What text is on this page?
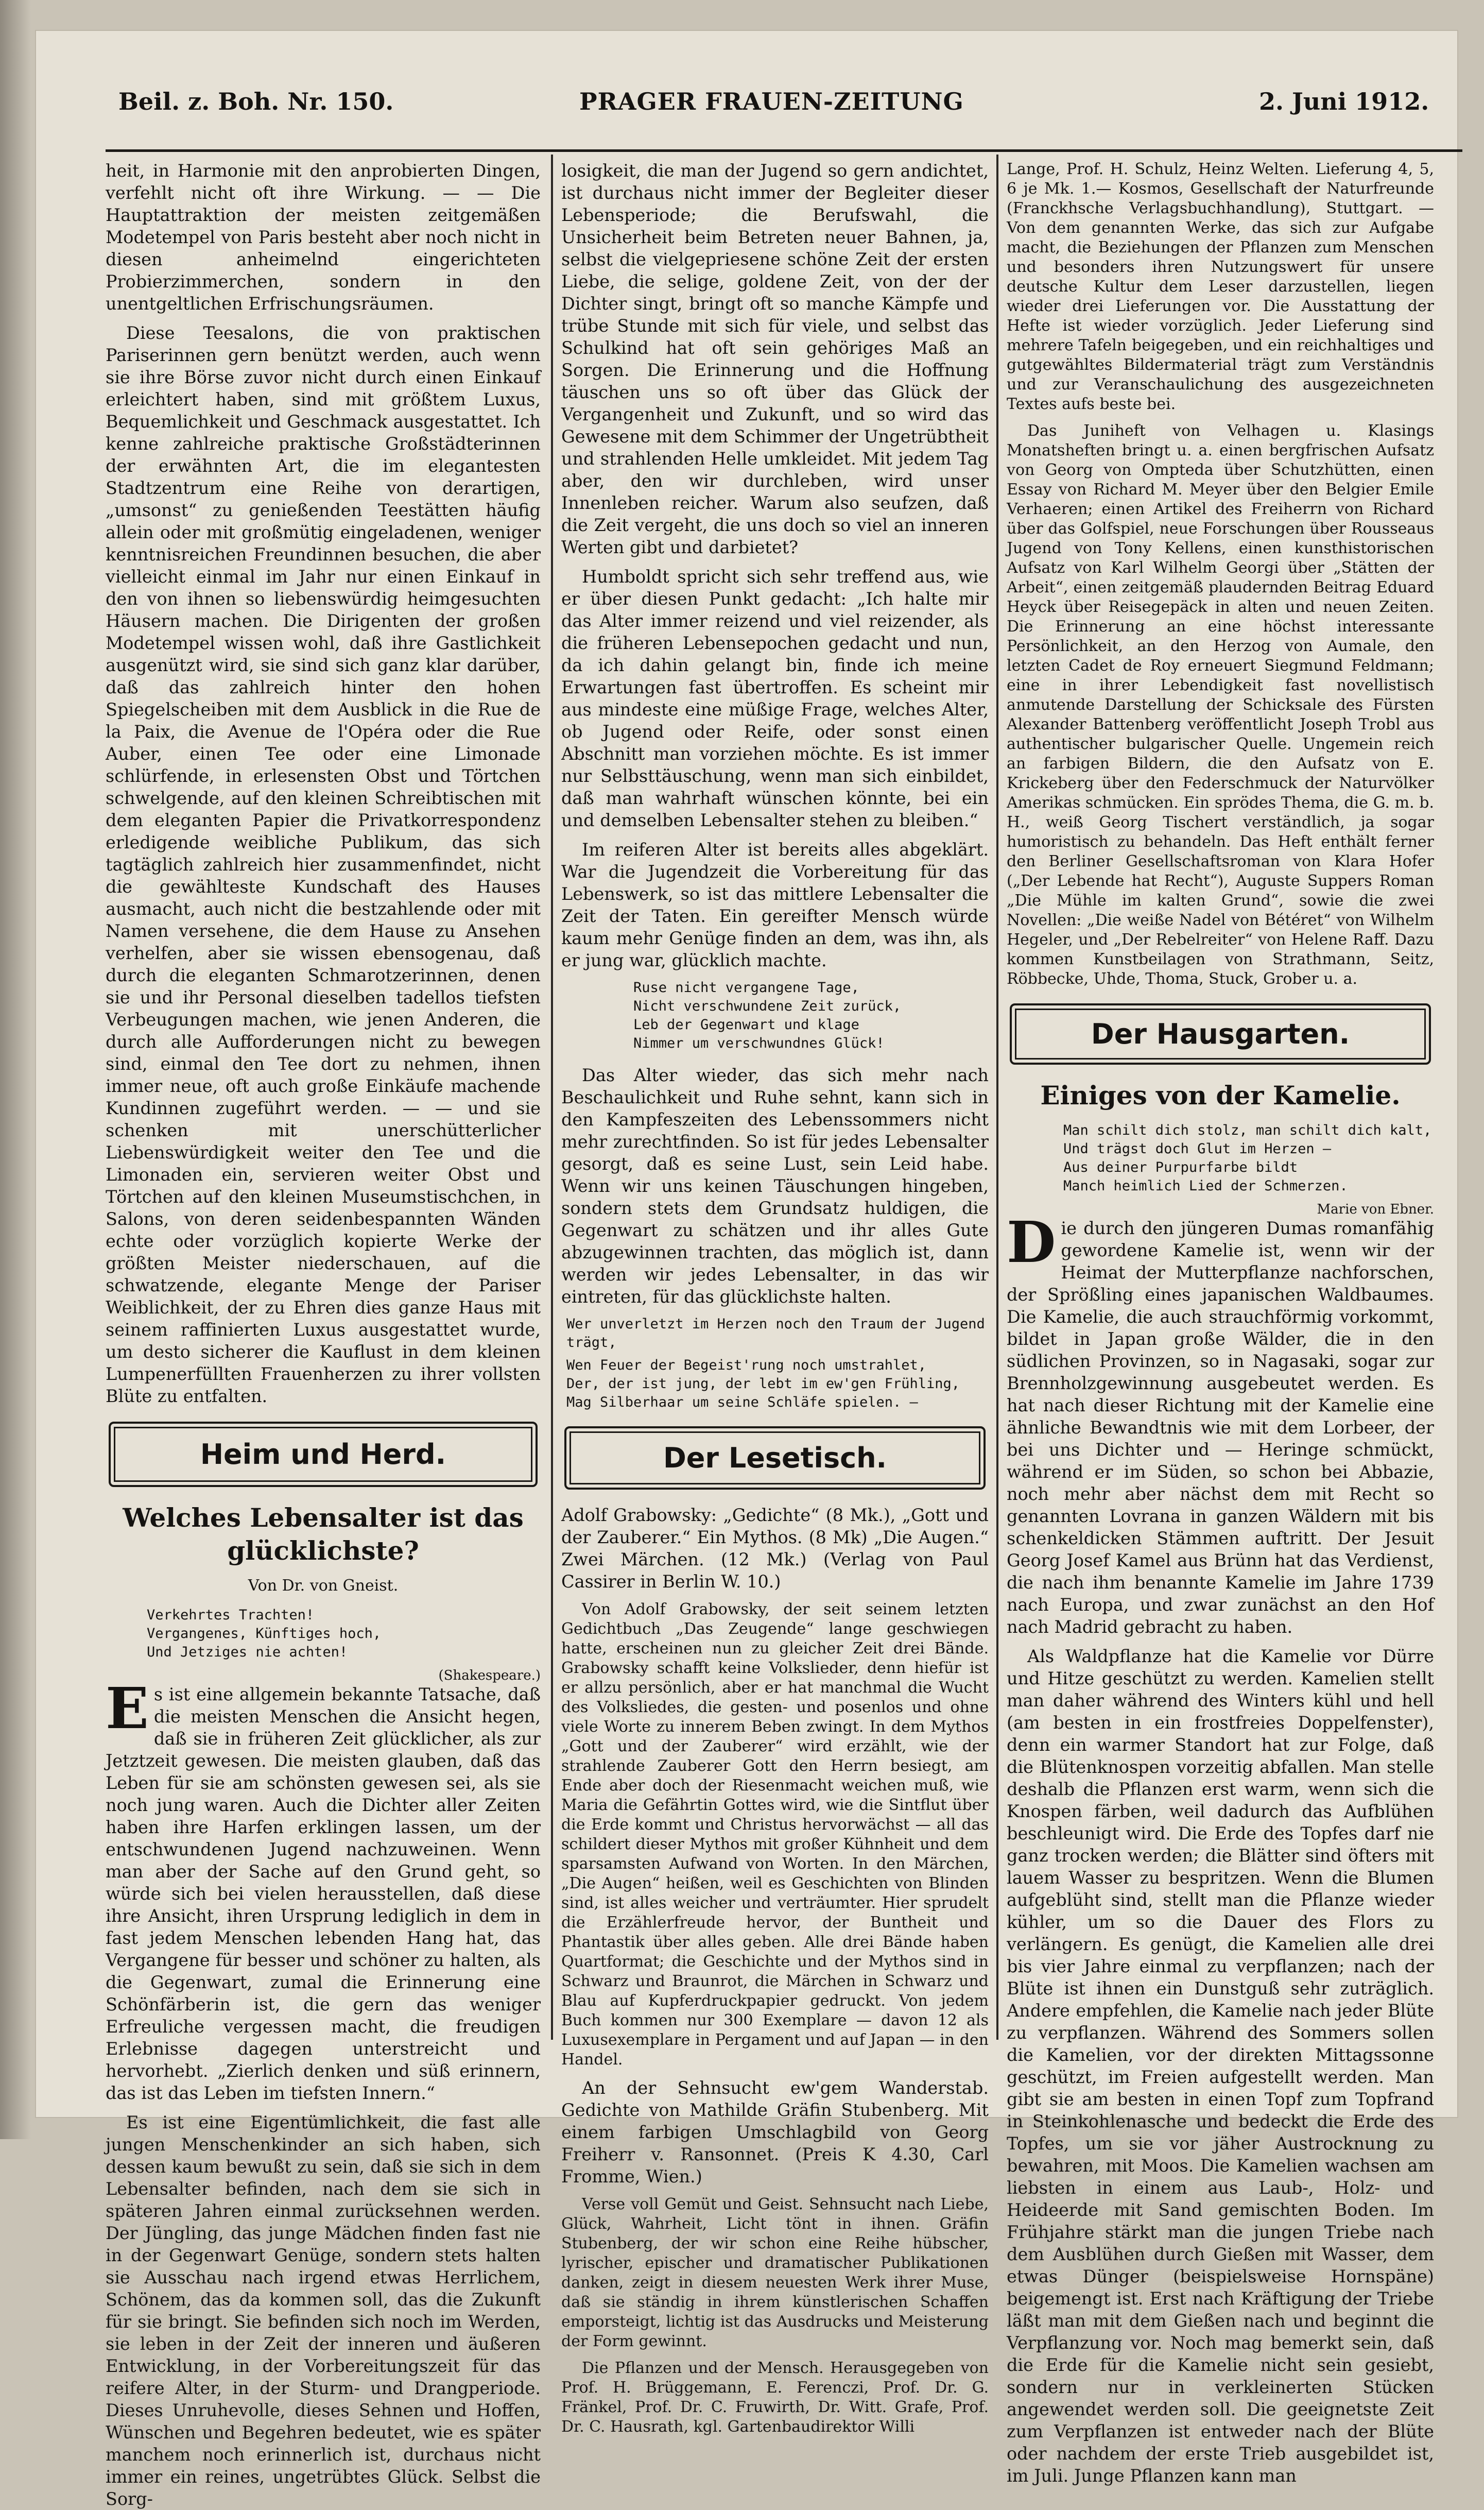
Beil. z. Boh. Nr. 150.	PRAGER FRAUEN-ZEITUNG	2. Juni 1912.

heit, in Harmonie mit den anprobierten Dingen, verfehlt nicht oft ihre Wirkung. — — Die Hauptattraktion der meisten zeitgemäßen Modetempel von Paris besteht aber noch nicht in diesen anheimelnd eingerichteten Probierzimmerchen, sondern in den unentgeltlichen Erfrischungsräumen.

Diese Teesalons, die von praktischen Pariserinnen gern benützt werden, auch wenn sie ihre Börse zuvor nicht durch einen Einkauf erleichtert haben, sind mit größtem Luxus, Bequemlichkeit und Geschmack ausgestattet. Ich kenne zahlreiche praktische Großstädterinnen der erwähnten Art, die im elegantesten Stadtzentrum eine Reihe von derartigen, „umsonst“ zu genießenden Teestätten häufig allein oder mit großmütig eingeladenen, weniger kenntnisreichen Freundinnen besuchen, die aber vielleicht einmal im Jahr nur einen Einkauf in den von ihnen so liebenswürdig heimgesuchten Häusern machen. Die Dirigenten der großen Modetempel wissen wohl, daß ihre Gastlichkeit ausgenützt wird, sie sind sich ganz klar darüber, daß das zahlreich hinter den hohen Spiegelscheiben mit dem Ausblick in die Rue de la Paix, die Avenue de l'Opéra oder die Rue Auber, einen Tee oder eine Limonade schlürfende, in erlesensten Obst und Törtchen schwelgende, auf den kleinen Schreibtischen mit dem eleganten Papier die Privatkorrespondenz erledigende weibliche Publikum, das sich tagtäglich zahlreich hier zusammenfindet, nicht die gewählteste Kundschaft des Hauses ausmacht, auch nicht die bestzahlende oder mit Namen versehene, die dem Hause zu Ansehen verhelfen, aber sie wissen ebensogenau, daß durch die eleganten Schmarotzerinnen, denen sie und ihr Personal dieselben tadellos tiefsten Verbeugungen machen, wie jenen Anderen, die durch alle Aufforderungen nicht zu bewegen sind, einmal den Tee dort zu nehmen, ihnen immer neue, oft auch große Einkäufe machende Kundinnen zugeführt werden. — — und sie schenken mit unerschütterlicher Liebenswürdigkeit weiter den Tee und die Limonaden ein, servieren weiter Obst und Törtchen auf den kleinen Museumstischchen, in Salons, von deren seidenbespannten Wänden echte oder vorzüglich kopierte Werke der größten Meister niederschauen, auf die schwatzende, elegante Menge der Pariser Weiblichkeit, der zu Ehren dies ganze Haus mit seinem raffinierten Luxus ausgestattet wurde, um desto sicherer die Kauflust in dem kleinen Lumpenerfüllten Frauenherzen zu ihrer vollsten Blüte zu entfalten.

Heim und Herd.
Welches Lebensalter ist das glücklichste?
Von Dr. von Gneist.
Verkehrtes Trachten!
Vergangenes, Künftiges hoch,
Und Jetziges nie achten!
(Shakespeare.)

Es ist eine allgemein bekannte Tatsache, daß die meisten Menschen die Ansicht hegen, daß sie in früheren Zeit glücklicher, als zur Jetztzeit gewesen. Die meisten glauben, daß das Leben für sie am schönsten gewesen sei, als sie noch jung waren. Auch die Dichter aller Zeiten haben ihre Harfen erklingen lassen, um der entschwundenen Jugend nachzuweinen. Wenn man aber der Sache auf den Grund geht, so würde sich bei vielen herausstellen, daß diese ihre Ansicht, ihren Ursprung lediglich in dem in fast jedem Menschen lebenden Hang hat, das Vergangene für besser und schöner zu halten, als die Gegenwart, zumal die Erinnerung eine Schönfärberin ist, die gern das weniger Erfreuliche vergessen macht, die freudigen Erlebnisse dagegen unterstreicht und hervorhebt. „Zierlich denken und süß erinnern, das ist das Leben im tiefsten Innern.“

Es ist eine Eigentümlichkeit, die fast alle jungen Menschenkinder an sich haben, sich dessen kaum bewußt zu sein, daß sie sich in dem Lebensalter befinden, nach dem sie sich in späteren Jahren einmal zurücksehnen werden. Der Jüngling, das junge Mädchen finden fast nie in der Gegenwart Genüge, sondern stets halten sie Ausschau nach irgend etwas Herrlichem, Schönem, das da kommen soll, das die Zukunft für sie bringt. Sie befinden sich noch im Werden, sie leben in der Zeit der inneren und äußeren Entwicklung, in der Vorbereitungszeit für das reifere Alter, in der Sturm- und Drangperiode. Dieses Unruhevolle, dieses Sehnen und Hoffen, Wünschen und Begehren bedeutet, wie es später manchem noch erinnerlich ist, durchaus nicht immer ein reines, ungetrübtes Glück. Selbst die Sorg-

losigkeit, die man der Jugend so gern andichtet, ist durchaus nicht immer der Begleiter dieser Lebensperiode; die Berufswahl, die Unsicherheit beim Betreten neuer Bahnen, ja, selbst die vielgepriesene schöne Zeit der ersten Liebe, die selige, goldene Zeit, von der der Dichter singt, bringt oft so manche Kämpfe und trübe Stunde mit sich für viele, und selbst das Schulkind hat oft sein gehöriges Maß an Sorgen. Die Erinnerung und die Hoffnung täuschen uns so oft über das Glück der Vergangenheit und Zukunft, und so wird das Gewesene mit dem Schimmer der Ungetrübtheit und strahlenden Helle umkleidet. Mit jedem Tag aber, den wir durchleben, wird unser Innenleben reicher. Warum also seufzen, daß die Zeit vergeht, die uns doch so viel an inneren Werten gibt und darbietet?

Humboldt spricht sich sehr treffend aus, wie er über diesen Punkt gedacht: „Ich halte mir das Alter immer reizend und viel reizender, als die früheren Lebensepochen gedacht und nun, da ich dahin gelangt bin, finde ich meine Erwartungen fast übertroffen. Es scheint mir aus mindeste eine müßige Frage, welches Alter, ob Jugend oder Reife, oder sonst einen Abschnitt man vorziehen möchte. Es ist immer nur Selbsttäuschung, wenn man sich einbildet, daß man wahrhaft wünschen könnte, bei ein und demselben Lebensalter stehen zu bleiben.“

Im reiferen Alter ist bereits alles abgeklärt. War die Jugendzeit die Vorbereitung für das Lebenswerk, so ist das mittlere Lebensalter die Zeit der Taten. Ein gereifter Mensch würde kaum mehr Genüge finden an dem, was ihn, als er jung war, glücklich machte.

Ruse nicht vergangene Tage,
Nicht verschwundene Zeit zurück,
Leb der Gegenwart und klage
Nimmer um verschwundnes Glück!

Das Alter wieder, das sich mehr nach Beschaulichkeit und Ruhe sehnt, kann sich in den Kampfeszeiten des Lebenssommers nicht mehr zurechtfinden. So ist für jedes Lebensalter gesorgt, daß es seine Lust, sein Leid habe. Wenn wir uns keinen Täuschungen hingeben, sondern stets dem Grundsatz huldigen, die Gegenwart zu schätzen und ihr alles Gute abzugewinnen trachten, das möglich ist, dann werden wir jedes Lebensalter, in das wir eintreten, für das glücklichste halten.

Wer unverletzt im Herzen noch den Traum der Jugend trägt,
Wen Feuer der Begeist'rung noch umstrahlet,
Der, der ist jung, der lebt im ew'gen Frühling,
Mag Silberhaar um seine Schläfe spielen. —
Der Lesetisch.

Adolf Grabowsky: „Gedichte“ (8 Mk.), „Gott und der Zauberer.“ Ein Mythos. (8 Mk) „Die Augen.“ Zwei Märchen. (12 Mk.) (Verlag von Paul Cassirer in Berlin W. 10.)

Von Adolf Grabowsky, der seit seinem letzten Gedichtbuch „Das Zeugende“ lange geschwiegen hatte, erscheinen nun zu gleicher Zeit drei Bände. Grabowsky schafft keine Volkslieder, denn hiefür ist er allzu persönlich, aber er hat manchmal die Wucht des Volksliedes, die gesten- und posenlos und ohne viele Worte zu innerem Beben zwingt. In dem Mythos „Gott und der Zauberer“ wird erzählt, wie der strahlende Zauberer Gott den Herrn besiegt, am Ende aber doch der Riesenmacht weichen muß, wie Maria die Gefährtin Gottes wird, wie die Sintflut über die Erde kommt und Christus hervorwächst — all das schildert dieser Mythos mit großer Kühnheit und dem sparsamsten Aufwand von Worten. In den Märchen, „Die Augen“ heißen, weil es Geschichten von Blinden sind, ist alles weicher und verträumter. Hier sprudelt die Erzählerfreude hervor, der Buntheit und Phantastik über alles geben. Alle drei Bände haben Quartformat; die Geschichte und der Mythos sind in Schwarz und Braunrot, die Märchen in Schwarz und Blau auf Kupferdruckpapier gedruckt. Von jedem Buch kommen nur 300 Exemplare — davon 12 als Luxusexemplare in Pergament und auf Japan — in den Handel.

An der Sehnsucht ew'gem Wanderstab. Gedichte von Mathilde Gräfin Stubenberg. Mit einem farbigen Umschlagbild von Georg Freiherr v. Ransonnet. (Preis K 4.30, Carl Fromme, Wien.)

Verse voll Gemüt und Geist. Sehnsucht nach Liebe, Glück, Wahrheit, Licht tönt in ihnen. Gräfin Stubenberg, der wir schon eine Reihe hübscher, lyrischer, epischer und dramatischer Publikationen danken, zeigt in diesem neuesten Werk ihrer Muse, daß sie ständig in ihrem künstlerischen Schaffen emporsteigt, lichtig ist das Ausdrucks und Meisterung der Form gewinnt.

Die Pflanzen und der Mensch. Herausgegeben von Prof. H. Brüggemann, E. Ferenczi, Prof. Dr. G. Fränkel, Prof. Dr. C. Fruwirth, Dr. Witt. Grafe, Prof. Dr. C. Hausrath, kgl. Gartenbaudirektor Willi

Lange, Prof. H. Schulz, Heinz Welten. Lieferung 4, 5, 6 je Mk. 1.— Kosmos, Gesellschaft der Naturfreunde (Franckhsche Verlagsbuchhandlung), Stuttgart. — Von dem genannten Werke, das sich zur Aufgabe macht, die Beziehungen der Pflanzen zum Menschen und besonders ihren Nutzungswert für unsere deutsche Kultur dem Leser darzustellen, liegen wieder drei Lieferungen vor. Die Ausstattung der Hefte ist wieder vorzüglich. Jeder Lieferung sind mehrere Tafeln beigegeben, und ein reichhaltiges und gutgewähltes Bildermaterial trägt zum Verständnis und zur Veranschaulichung des ausgezeichneten Textes aufs beste bei.

Das Juniheft von Velhagen u. Klasings Monatsheften bringt u. a. einen bergfrischen Aufsatz von Georg von Ompteda über Schutzhütten, einen Essay von Richard M. Meyer über den Belgier Emile Verhaeren; einen Artikel des Freiherrn von Richard über das Golfspiel, neue Forschungen über Rousseaus Jugend von Tony Kellens, einen kunsthistorischen Aufsatz von Karl Wilhelm Georgi über „Stätten der Arbeit“, einen zeitgemäß plaudernden Beitrag Eduard Heyck über Reisegepäck in alten und neuen Zeiten. Die Erinnerung an eine höchst interessante Persönlichkeit, an den Herzog von Aumale, den letzten Cadet de Roy erneuert Siegmund Feldmann; eine in ihrer Lebendigkeit fast novellistisch anmutende Darstellung der Schicksale des Fürsten Alexander Battenberg veröffentlicht Joseph Trobl aus authentischer bulgarischer Quelle. Ungemein reich an farbigen Bildern, die den Aufsatz von E. Krickeberg über den Federschmuck der Naturvölker Amerikas schmücken. Ein sprödes Thema, die G. m. b. H., weiß Georg Tischert verständlich, ja sogar humoristisch zu behandeln. Das Heft enthält ferner den Berliner Gesellschaftsroman von Klara Hofer („Der Lebende hat Recht“), Auguste Suppers Roman „Die Mühle im kalten Grund“, sowie die zwei Novellen: „Die weiße Nadel von Bétéret“ von Wilhelm Hegeler, und „Der Rebelreiter“ von Helene Raff. Dazu kommen Kunstbeilagen von Strathmann, Seitz, Röbbecke, Uhde, Thoma, Stuck, Grober u. a.

Der Hausgarten.
Einiges von der Kamelie.
Man schilt dich stolz, man schilt dich kalt,
Und trägst doch Glut im Herzen —
Aus deiner Purpurfarbe bildt
Manch heimlich Lied der Schmerzen.
Marie von Ebner.

Die durch den jüngeren Dumas romanfähig gewordene Kamelie ist, wenn wir der Heimat der Mutterpflanze nachforschen, der Sprößling eines japanischen Waldbaumes. Die Kamelie, die auch strauchförmig vorkommt, bildet in Japan große Wälder, die in den südlichen Provinzen, so in Nagasaki, sogar zur Brennholzgewinnung ausgebeutet werden. Es hat nach dieser Richtung mit der Kamelie eine ähnliche Bewandtnis wie mit dem Lorbeer, der bei uns Dichter und — Heringe schmückt, während er im Süden, so schon bei Abbazie, noch mehr aber nächst dem mit Recht so genannten Lovrana in ganzen Wäldern mit bis schenkeldicken Stämmen auftritt. Der Jesuit Georg Josef Kamel aus Brünn hat das Verdienst, die nach ihm benannte Kamelie im Jahre 1739 nach Europa, und zwar zunächst an den Hof nach Madrid gebracht zu haben.

Als Waldpflanze hat die Kamelie vor Dürre und Hitze geschützt zu werden. Kamelien stellt man daher während des Winters kühl und hell (am besten in ein frostfreies Doppelfenster), denn ein warmer Standort hat zur Folge, daß die Blütenknospen vorzeitig abfallen. Man stelle deshalb die Pflanzen erst warm, wenn sich die Knospen färben, weil dadurch das Aufblühen beschleunigt wird. Die Erde des Topfes darf nie ganz trocken werden; die Blätter sind öfters mit lauem Wasser zu bespritzen. Wenn die Blumen aufgeblüht sind, stellt man die Pflanze wieder kühler, um so die Dauer des Flors zu verlängern. Es genügt, die Kamelien alle drei bis vier Jahre einmal zu verpflanzen; nach der Blüte ist ihnen ein Dunstguß sehr zuträglich. Andere empfehlen, die Kamelie nach jeder Blüte zu verpflanzen. Während des Sommers sollen die Kamelien, vor der direkten Mittagssonne geschützt, im Freien aufgestellt werden. Man gibt sie am besten in einen Topf zum Topfrand in Steinkohlenasche und bedeckt die Erde des Topfes, um sie vor jäher Austrocknung zu bewahren, mit Moos. Die Kamelien wachsen am liebsten in einem aus Laub-, Holz- und Heideerde mit Sand gemischten Boden. Im Frühjahre stärkt man die jungen Triebe nach dem Ausblühen durch Gießen mit Wasser, dem etwas Dünger (beispielsweise Hornspäne) beigemengt ist. Erst nach Kräftigung der Triebe läßt man mit dem Gießen nach und beginnt die Verpflanzung vor. Noch mag bemerkt sein, daß die Erde für die Kamelie nicht sein gesiebt, sondern nur in verkleinerten Stücken angewendet werden soll. Die geeignetste Zeit zum Verpflanzen ist entweder nach der Blüte oder nachdem der erste Trieb ausgebildet ist, im Juli. Junge Pflanzen kann man
